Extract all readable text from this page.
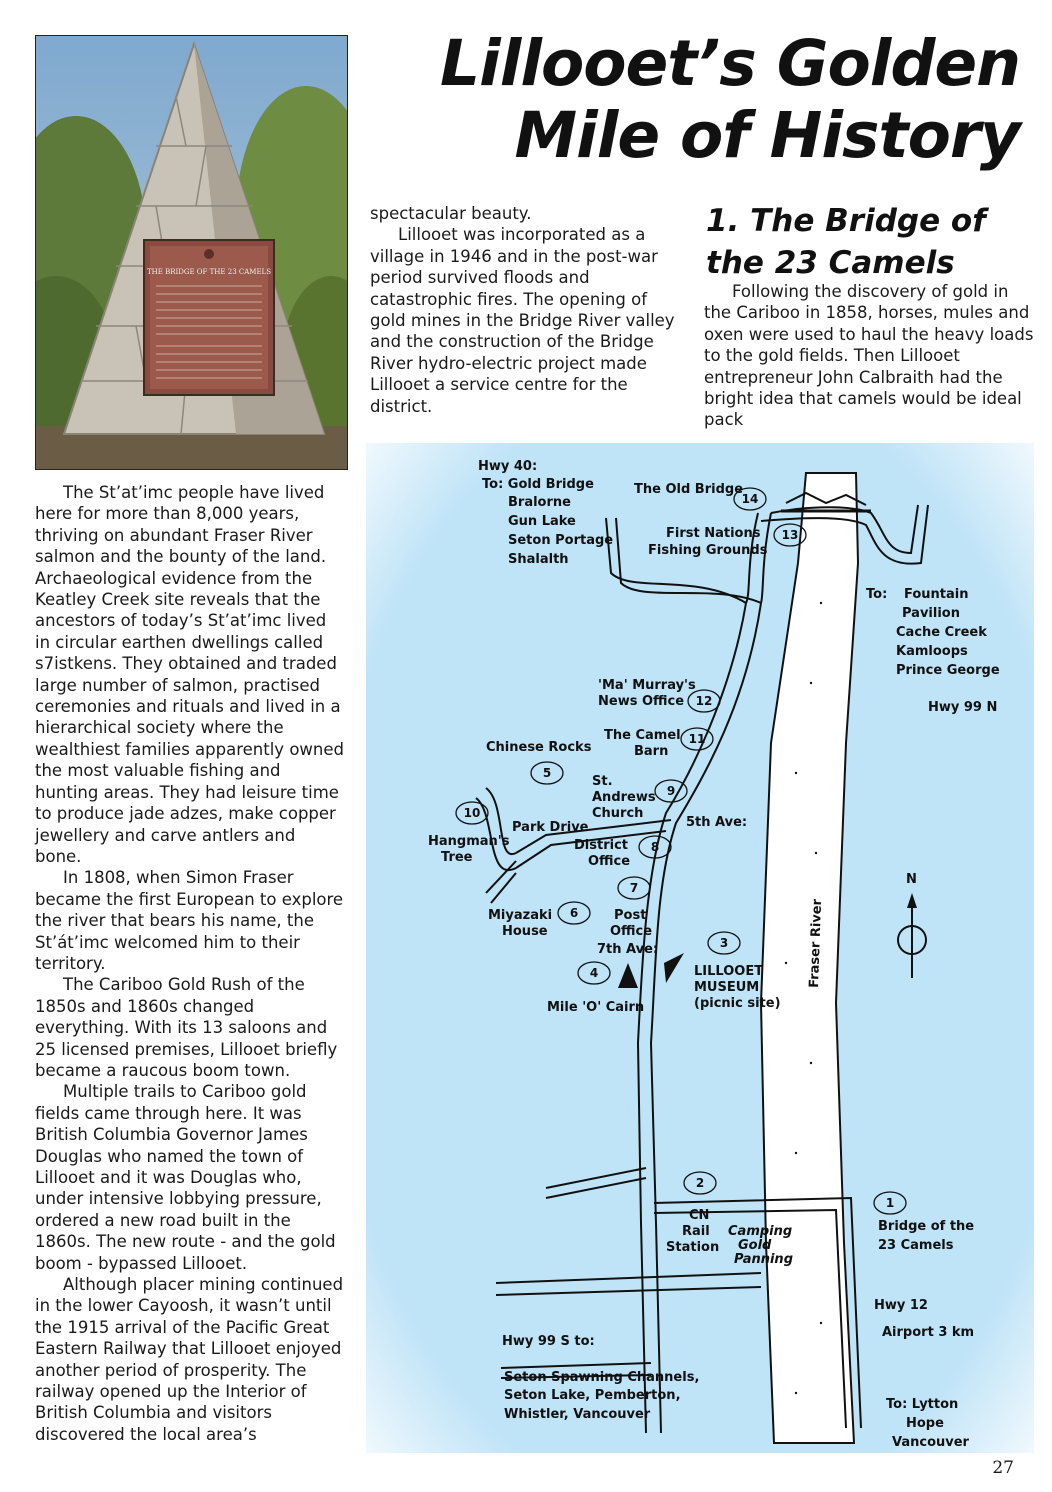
THE BRIDGE OF THE 23 CAMELS
Lillooet’s Golden
Mile of History

spectacular beauty.

Lillooet was incorporated as a village in 1946 and in the post-war period survived floods and catastrophic fires. The opening of gold mines in the Bridge River valley and the construction of the Bridge River hydro-electric project made Lillooet a service centre for the district.

1. The Bridge of
the 23 Camels

Following the discovery of gold in the Cariboo in 1858, horses, mules and oxen were used to haul the heavy loads to the gold fields. Then Lillooet entrepreneur John Calbraith had the bright idea that camels would be ideal pack

The St’at’imc people have lived here for more than 8,000 years, thriving on abundant Fraser River salmon and the bounty of the land. Archaeological evidence from the Keatley Creek site reveals that the ancestors of today’s St’at’imc lived in circular earthen dwellings called s7istkens. They obtained and traded large number of salmon, practised ceremonies and rituals and lived in a hierarchical society where the wealthiest families apparently owned the most valuable fishing and hunting areas. They had leisure time to produce jade adzes, make copper jewellery and carve antlers and bone.

In 1808, when Simon Fraser became the first European to explore the river that bears his name, the St’át’imc welcomed him to their territory.

The Cariboo Gold Rush of the 1850s and 1860s changed everything. With its 13 saloons and 25 licensed premises, Lillooet briefly became a raucous boom town.

Multiple trails to Cariboo gold fields came through here. It was British Columbia Governor James Douglas who named the town of Lillooet and it was Douglas who, under intensive lobbying pressure, ordered a new road built in the 1860s. The new route - and the gold boom - bypassed Lillooet.

Although placer mining continued in the lower Cayoosh, it wasn’t until the 1915 arrival of the Pacific Great Eastern Railway that Lillooet enjoyed another period of prosperity. The railway opened up the Interior of British Columbia and visitors discovered the local area’s

N
1
2
3
4
5
6
7
8
9
10
11
12
13
14
Hwy 40:
To: Gold Bridge
Bralorne
Gun Lake
Seton Portage
Shalalth
The Old Bridge
First Nations
Fishing Grounds
To: Fountain
Pavilion
Cache Creek
Kamloops
Prince George
Hwy 99 N
'Ma' Murray's
News Office
The Camel
Barn
Chinese Rocks
St.
Andrews
Church
Park Drive	5th Ave:
Hangman's
Tree
District
Office
Miyazaki
House
Post
Office
7th Ave:
LILLOOET
MUSEUM
(picnic site)
Mile 'O' Cairn
Fraser River
CN
Rail
Station
Camping
Gold
Panning
Bridge of the
23 Camels
Hwy 12
Airport 3 km
Hwy 99 S to:
Seton Spawning Channels,
Seton Lake, Pemberton,
Whistler, Vancouver
To: Lytton
Hope
Vancouver
27
